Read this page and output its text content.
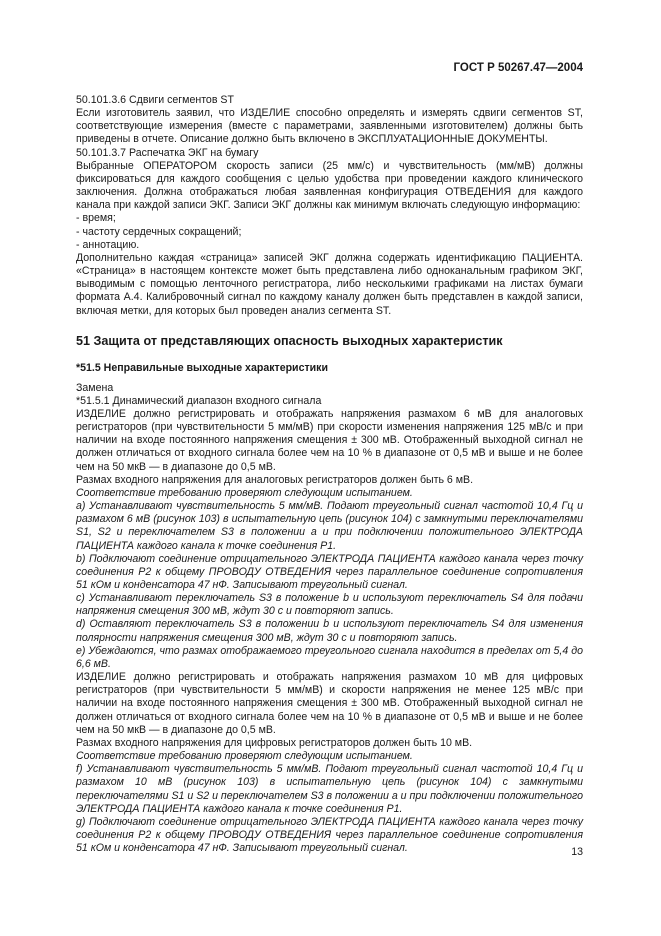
ГОСТ Р 50267.47—2004

50.101.3.6 Сдвиги сегментов ST

Если изготовитель заявил, что ИЗДЕЛИЕ способно определять и измерять сдвиги сегментов ST, соответствующие измерения (вместе с параметрами, заявленными изготовителем) должны быть приведены в отчете. Описание должно быть включено в ЭКСПЛУАТАЦИОННЫЕ ДОКУМЕНТЫ.

50.101.3.7 Распечатка ЭКГ на бумагу

Выбранные ОПЕРАТОРОМ скорость записи (25 мм/с) и чувствительность (мм/мВ) должны фиксироваться для каждого сообщения с целью удобства при проведении каждого клинического заключения. Должна отображаться любая заявленная конфигурация ОТВЕДЕНИЯ для каждого канала при каждой записи ЭКГ. Записи ЭКГ должны как минимум включать следующую информацию:

- время;

- частоту сердечных сокращений;

- аннотацию.

Дополнительно каждая «страница» записей ЭКГ должна содержать идентификацию ПАЦИЕНТА. «Страница» в настоящем контексте может быть представлена либо одноканальным графиком ЭКГ, выводимым с помощью ленточного регистратора, либо несколькими графиками на листах бумаги формата А.4. Калибровочный сигнал по каждому каналу должен быть представлен в каждой записи, включая метки, для которых был проведен анализ сегмента ST.

51 Защита от представляющих опасность выходных характеристик
*51.5 Неправильные выходные характеристики

Замена

*51.5.1 Динамический диапазон входного сигнала

ИЗДЕЛИЕ должно регистрировать и отображать напряжения размахом 6 мВ для аналоговых регистраторов (при чувствительности 5 мм/мВ) при скорости изменения напряжения 125 мВ/с и при наличии на входе постоянного напряжения смещения ± 300 мВ. Отображенный выходной сигнал не должен отличаться от входного сигнала более чем на 10 % в диапазоне от 0,5 мВ и выше и не более чем на 50 мкВ — в диапазоне до 0,5 мВ.

Размах входного напряжения для аналоговых регистраторов должен быть 6 мВ.

Соответствие требованию проверяют следующим испытанием.

а) Устанавливают чувствительность 5 мм/мВ. Подают треугольный сигнал частотой 10,4 Гц и размахом 6 мВ (рисунок 103) в испытательную цепь (рисунок 104) с замкнутыми переключателями S1, S2 и переключателем S3 в положении а и при подключении положительного ЭЛЕКТРОДА ПАЦИЕНТА каждого канала к точке соединения Р1.

b) Подключают соединение отрицательного ЭЛЕКТРОДА ПАЦИЕНТА каждого канала через точку соединения Р2 к общему ПРОВОДУ ОТВЕДЕНИЯ через параллельное соединение сопротивления 51 кОм и конденсатора 47 нФ. Записывают треугольный сигнал.

с) Устанавливают переключатель S3 в положение b и используют переключатель S4 для подачи напряжения смещения 300 мВ, ждут 30 с и повторяют запись.

d) Оставляют переключатель S3 в положении b и используют переключатель S4 для изменения полярности напряжения смещения 300 мВ, ждут 30 с и повторяют запись.

е) Убеждаются, что размах отображаемого треугольного сигнала находится в пределах от 5,4 до 6,6 мВ.

ИЗДЕЛИЕ должно регистрировать и отображать напряжения размахом 10 мВ для цифровых регистраторов (при чувствительности 5 мм/мВ) и скорости напряжения не менее 125 мВ/с при наличии на входе постоянного напряжения смещения ± 300 мВ. Отображенный выходной сигнал не должен отличаться от входного сигнала более чем на 10 % в диапазоне от 0,5 мВ и выше и не более чем на 50 мкВ — в диапазоне до 0,5 мВ.

Размах входного напряжения для цифровых регистраторов должен быть 10 мВ.

Соответствие требованию проверяют следующим испытанием.

f) Устанавливают чувствительность 5 мм/мВ. Подают треугольный сигнал частотой 10,4 Гц и размахом 10 мВ (рисунок 103) в испытательную цепь (рисунок 104) с замкнутыми переключателями S1 и S2 и переключателем S3 в положении а и при подключении положительного ЭЛЕКТРОДА ПАЦИЕНТА каждого канала к точке соединения Р1.

g) Подключают соединение отрицательного ЭЛЕКТРОДА ПАЦИЕНТА каждого канала через точку соединения Р2 к общему ПРОВОДУ ОТВЕДЕНИЯ через параллельное соединение сопротивления 51 кОм и конденсатора 47 нФ. Записывают треугольный сигнал.	13
